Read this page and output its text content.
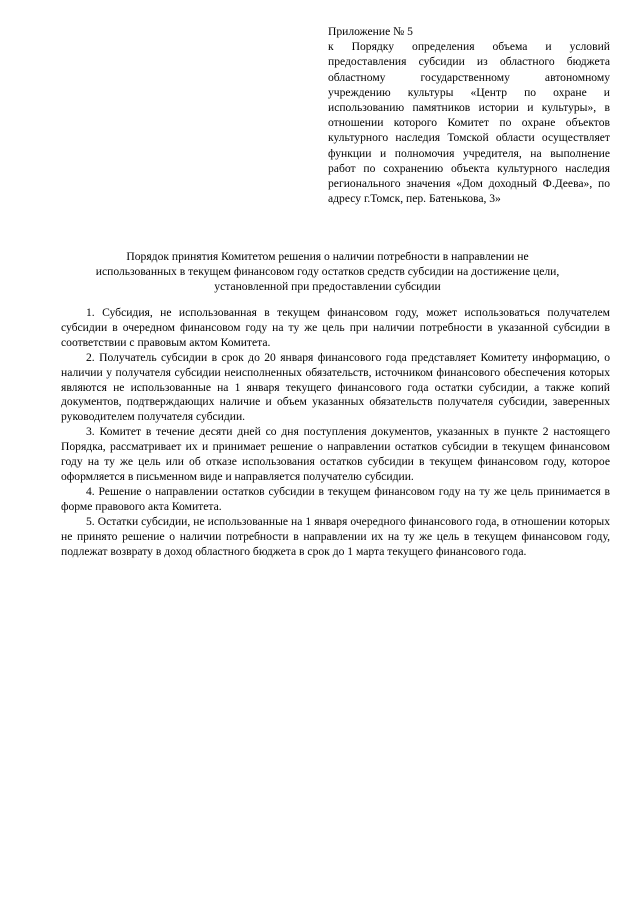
Приложение № 5
к Порядку определения объема и условий предоставления субсидии из областного бюджета областному государственному автономному учреждению культуры «Центр по охране и использованию памятников истории и культуры», в отношении которого Комитет по охране объектов культурного наследия Томской области осуществляет функции и полномочия учредителя, на выполнение работ по сохранению объекта культурного наследия регионального значения «Дом доходный Ф.Деева», по адресу г.Томск, пер. Батенькова, 3»
Порядок принятия Комитетом решения о наличии потребности в направлении не
использованных в текущем финансовом году остатков средств субсидии на достижение цели,
установленной при предоставлении субсидии

1. Субсидия, не использованная в текущем финансовом году, может использоваться получателем субсидии в очередном финансовом году на ту же цель при наличии потребности в указанной субсидии в соответствии с правовым актом Комитета.

2. Получатель субсидии в срок до 20 января финансового года представляет Комитету информацию, о наличии у получателя субсидии неисполненных обязательств, источником финансового обеспечения которых являются не использованные на 1 января текущего финансового года остатки субсидии, а также копий документов, подтверждающих наличие и объем указанных обязательств получателя субсидии, заверенных руководителем получателя субсидии.

3. Комитет в течение десяти дней со дня поступления документов, указанных в пункте 2 настоящего Порядка, рассматривает их и принимает решение о направлении остатков субсидии в текущем финансовом году на ту же цель или об отказе использования остатков субсидии в текущем финансовом году, которое оформляется в письменном виде и направляется получателю субсидии.

4. Решение о направлении остатков субсидии в текущем финансовом году на ту же цель принимается в форме правового акта Комитета.

5. Остатки субсидии, не использованные на 1 января очередного финансового года, в отношении которых не принято решение о наличии потребности в направлении их на ту же цель в текущем финансовом году, подлежат возврату в доход областного бюджета в срок до 1 марта текущего финансового года.
